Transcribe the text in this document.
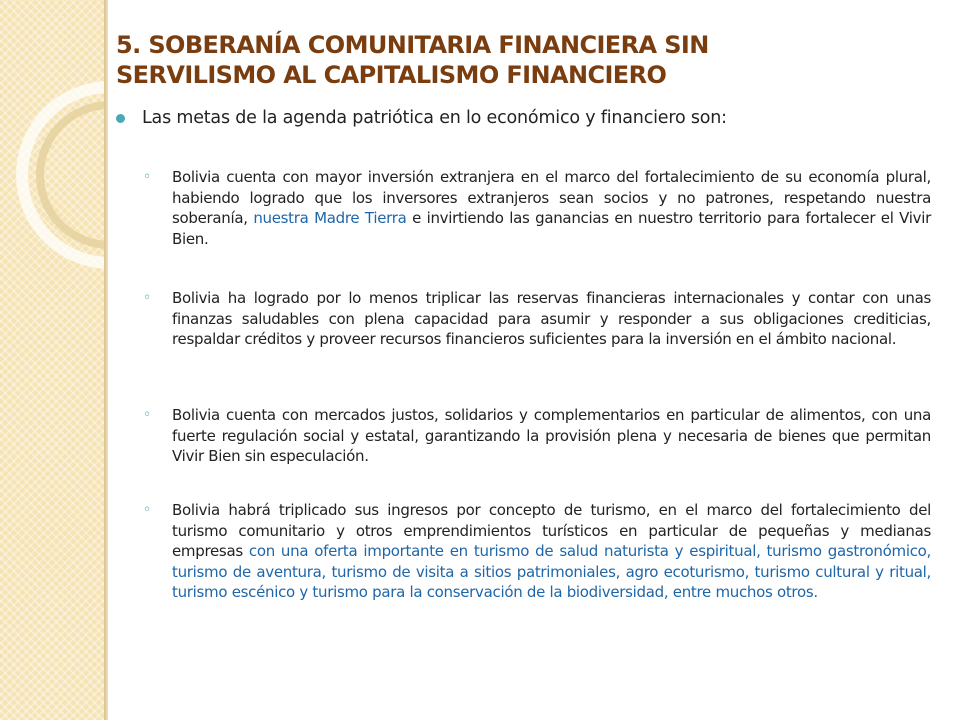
5. SOBERANÍA COMUNITARIA FINANCIERA SIN
SERVILISMO AL CAPITALISMO FINANCIERO
Las metas de la agenda patriótica en lo económico y financiero son:
◦ Bolivia cuenta con mayor inversión extranjera en el marco del fortalecimiento de su economía plural, habiendo logrado que los inversores extranjeros sean socios y no patrones, respetando nuestra soberanía, nuestra Madre Tierra e invirtiendo las ganancias en nuestro territorio para fortalecer el Vivir Bien.

◦ Bolivia ha logrado por lo menos triplicar las reservas financieras internacionales y contar con unas finanzas saludables con plena capacidad para asumir y responder a sus obligaciones crediticias, respaldar créditos y proveer recursos financieros suficientes para la inversión en el ámbito nacional.

◦ Bolivia cuenta con mercados justos, solidarios y complementarios en particular de alimentos, con una fuerte regulación social y estatal, garantizando la provisión plena y necesaria de bienes que permitan Vivir Bien sin especulación.

◦ Bolivia habrá triplicado sus ingresos por concepto de turismo, en el marco del fortalecimiento del turismo comunitario y otros emprendimientos turísticos en particular de pequeñas y medianas empresas con una oferta importante en turismo de salud naturista y espiritual, turismo gastronómico, turismo de aventura, turismo de visita a sitios patrimoniales, agro ecoturismo, turismo cultural y ritual, turismo escénico y turismo para la conservación de la biodiversidad, entre muchos otros.
